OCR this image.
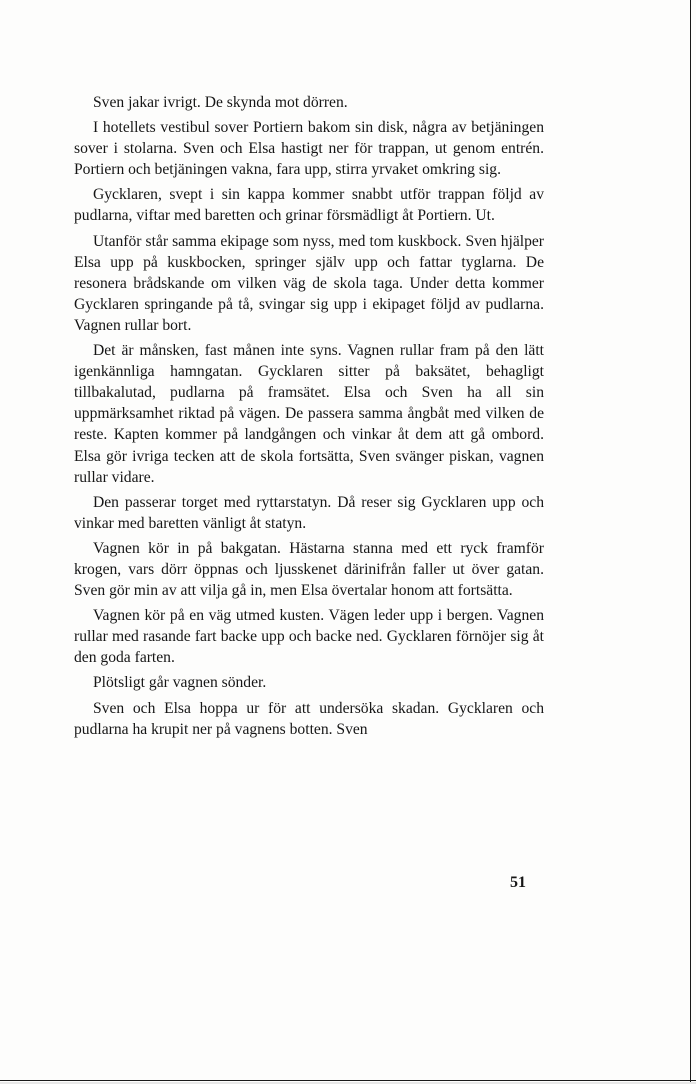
Sven jakar ivrigt. De skynda mot dörren.

I hotellets vestibul sover Portiern bakom sin disk, några av betjäningen sover i stolarna. Sven och Elsa hastigt ner för trappan, ut genom entrén. Portiern och betjäningen vakna, fara upp, stirra yrvaket omkring sig.

Gycklaren, svept i sin kappa kommer snabbt utför trappan följd av pudlarna, viftar med baretten och grinar försmädligt åt Portiern. Ut.

Utanför står samma ekipage som nyss, med tom kuskbock. Sven hjälper Elsa upp på kuskbocken, springer själv upp och fattar tyglarna. De resonera brådskande om vilken väg de skola taga. Under detta kommer Gycklaren springande på tå, svingar sig upp i ekipaget följd av pudlarna. Vagnen rullar bort.

Det är månsken, fast månen inte syns. Vagnen rullar fram på den lätt igenkännliga hamngatan. Gycklaren sitter på baksätet, behagligt tillbakalutad, pudlarna på framsätet. Elsa och Sven ha all sin uppmärksamhet riktad på vägen. De passera samma ångbåt med vilken de reste. Kapten kommer på landgången och vinkar åt dem att gå ombord. Elsa gör ivriga tecken att de skola fortsätta, Sven svänger piskan, vagnen rullar vidare.

Den passerar torget med ryttarstatyn. Då reser sig Gycklaren upp och vinkar med baretten vänligt åt statyn.

Vagnen kör in på bakgatan. Hästarna stanna med ett ryck framför krogen, vars dörr öppnas och ljusskenet därinifrån faller ut över gatan. Sven gör min av att vilja gå in, men Elsa övertalar honom att fortsätta.

Vagnen kör på en väg utmed kusten. Vägen leder upp i bergen. Vagnen rullar med rasande fart backe upp och backe ned. Gycklaren förnöjer sig åt den goda farten.

Plötsligt går vagnen sönder.

Sven och Elsa hoppa ur för att undersöka skadan. Gycklaren och pudlarna ha krupit ner på vagnens botten. Sven

51
